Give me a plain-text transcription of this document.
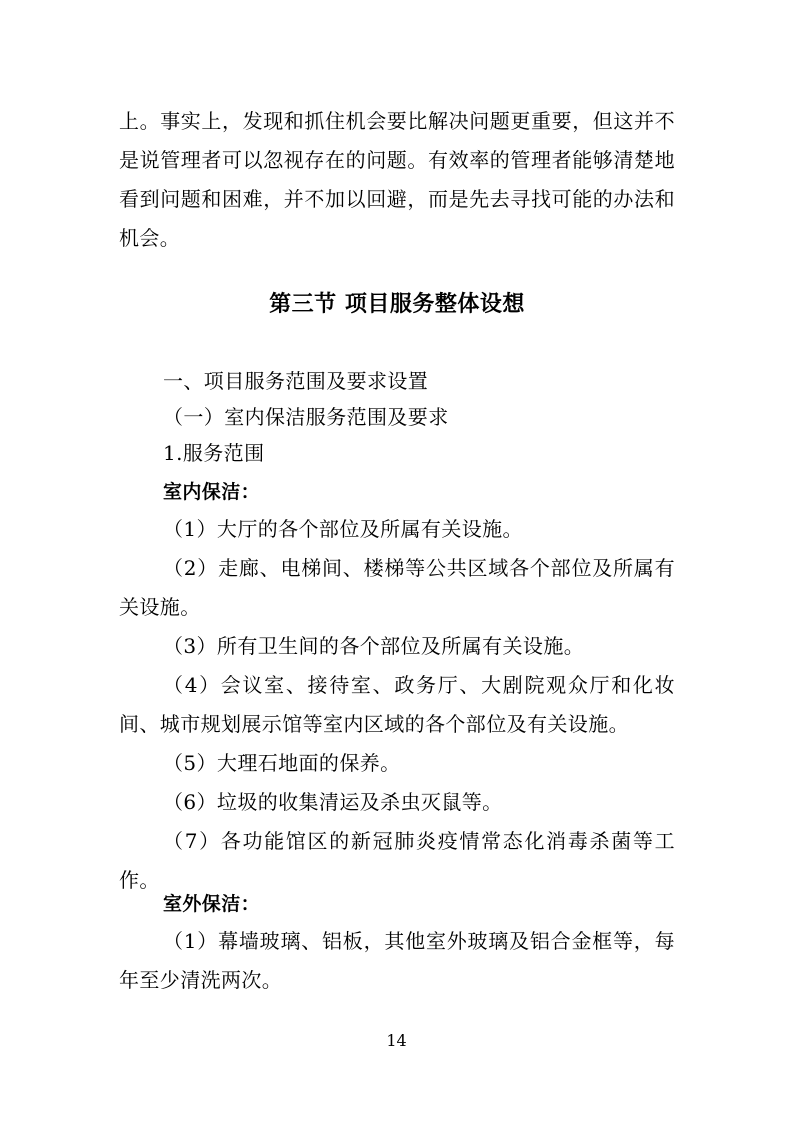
上。事实上，发现和抓住机会要比解决问题更重要，但这并不是说管理者可以忽视存在的问题。有效率的管理者能够清楚地看到问题和困难，并不加以回避，而是先去寻找可能的办法和机会。

第三节 项目服务整体设想

一、项目服务范围及要求设置

（一）室内保洁服务范围及要求

1.服务范围

室内保洁：

（1）大厅的各个部位及所属有关设施。

（2）走廊、电梯间、楼梯等公共区域各个部位及所属有关设施。

（3）所有卫生间的各个部位及所属有关设施。

（4）会议室、接待室、政务厅、大剧院观众厅和化妆间、城市规划展示馆等室内区域的各个部位及有关设施。

（5）大理石地面的保养。

（6）垃圾的收集清运及杀虫灭鼠等。

（7）各功能馆区的新冠肺炎疫情常态化消毒杀菌等工作。

室外保洁：

（1）幕墙玻璃、铝板，其他室外玻璃及铝合金框等，每年至少清洗两次。

14
